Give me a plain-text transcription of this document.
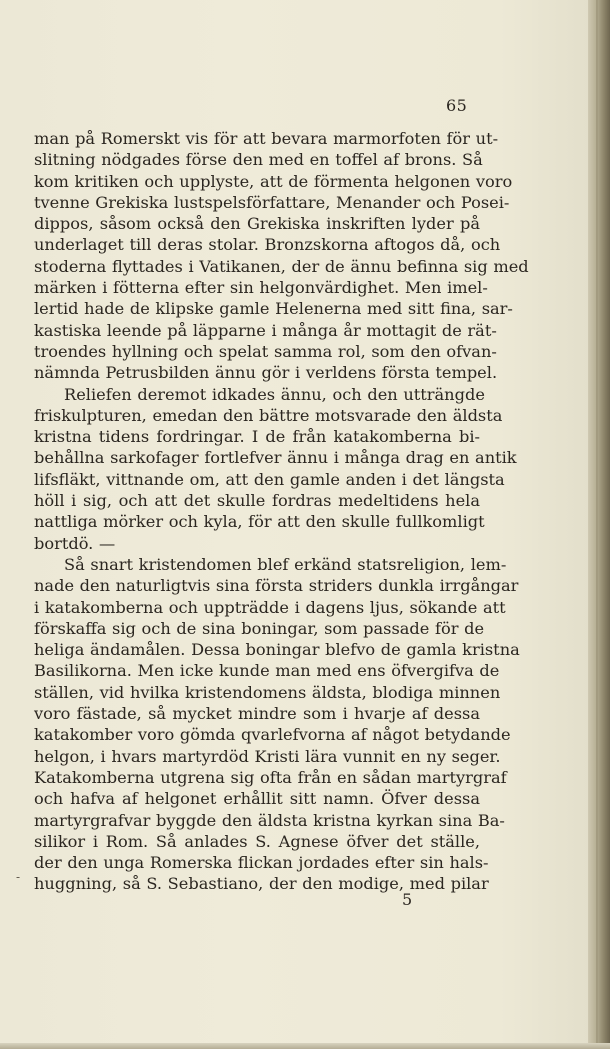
65
man på Romerskt vis för att bevara marmorfoten för ut-
slitning nödgades förse den med en toffel af brons. Så
kom kritiken och upplyste, att de förmenta helgonen voro
tvenne Grekiska lustspelsförfattare, Menander och Posei-
dippos, såsom också den Grekiska inskriften lyder på
underlaget till deras stolar. Bronzskorna aftogos då, och
stoderna flyttades i Vatikanen, der de ännu befinna sig med
märken i fötterna efter sin helgonvärdighet. Men imel-
lertid hade de klipske gamle Helenerna med sitt fina, sar-
kastiska leende på läpparne i många år mottagit de rät-
troendes hyllning och spelat samma rol, som den ofvan-
nämnda Petrusbilden ännu gör i verldens första tempel.
Reliefen deremot idkades ännu, och den utträngde
friskulpturen, emedan den bättre motsvarade den äldsta
kristna tidens fordringar. I de från katakomberna bi-
behållna sarkofager fortlefver ännu i många drag en antik
lifsfläkt, vittnande om, att den gamle anden i det längsta
höll i sig, och att det skulle fordras medeltidens hela
nattliga mörker och kyla, för att den skulle fullkomligt
bortdö. —
Så snart kristendomen blef erkänd statsreligion, lem-
nade den naturligtvis sina första striders dunkla irrgångar
i katakomberna och uppträdde i dagens ljus, sökande att
förskaffa sig och de sina boningar, som passade för de
heliga ändamålen. Dessa boningar blefvo de gamla kristna
Basilikorna. Men icke kunde man med ens öfvergifva de
ställen, vid hvilka kristendomens äldsta, blodiga minnen
voro fästade, så mycket mindre som i hvarje af dessa
katakomber voro gömda qvarlefvorna af något betydande
helgon, i hvars martyrdöd Kristi lära vunnit en ny seger.
Katakomberna utgrena sig ofta från en sådan martyrgraf
och hafva af helgonet erhållit sitt namn. Öfver dessa
martyrgrafvar byggde den äldsta kristna kyrkan sina Ba-
silikor i Rom. Så anlades S. Agnese öfver det ställe,
der den unga Romerska flickan jordades efter sin hals-
huggning, så S. Sebastiano, der den modige, med pilar
-
5
